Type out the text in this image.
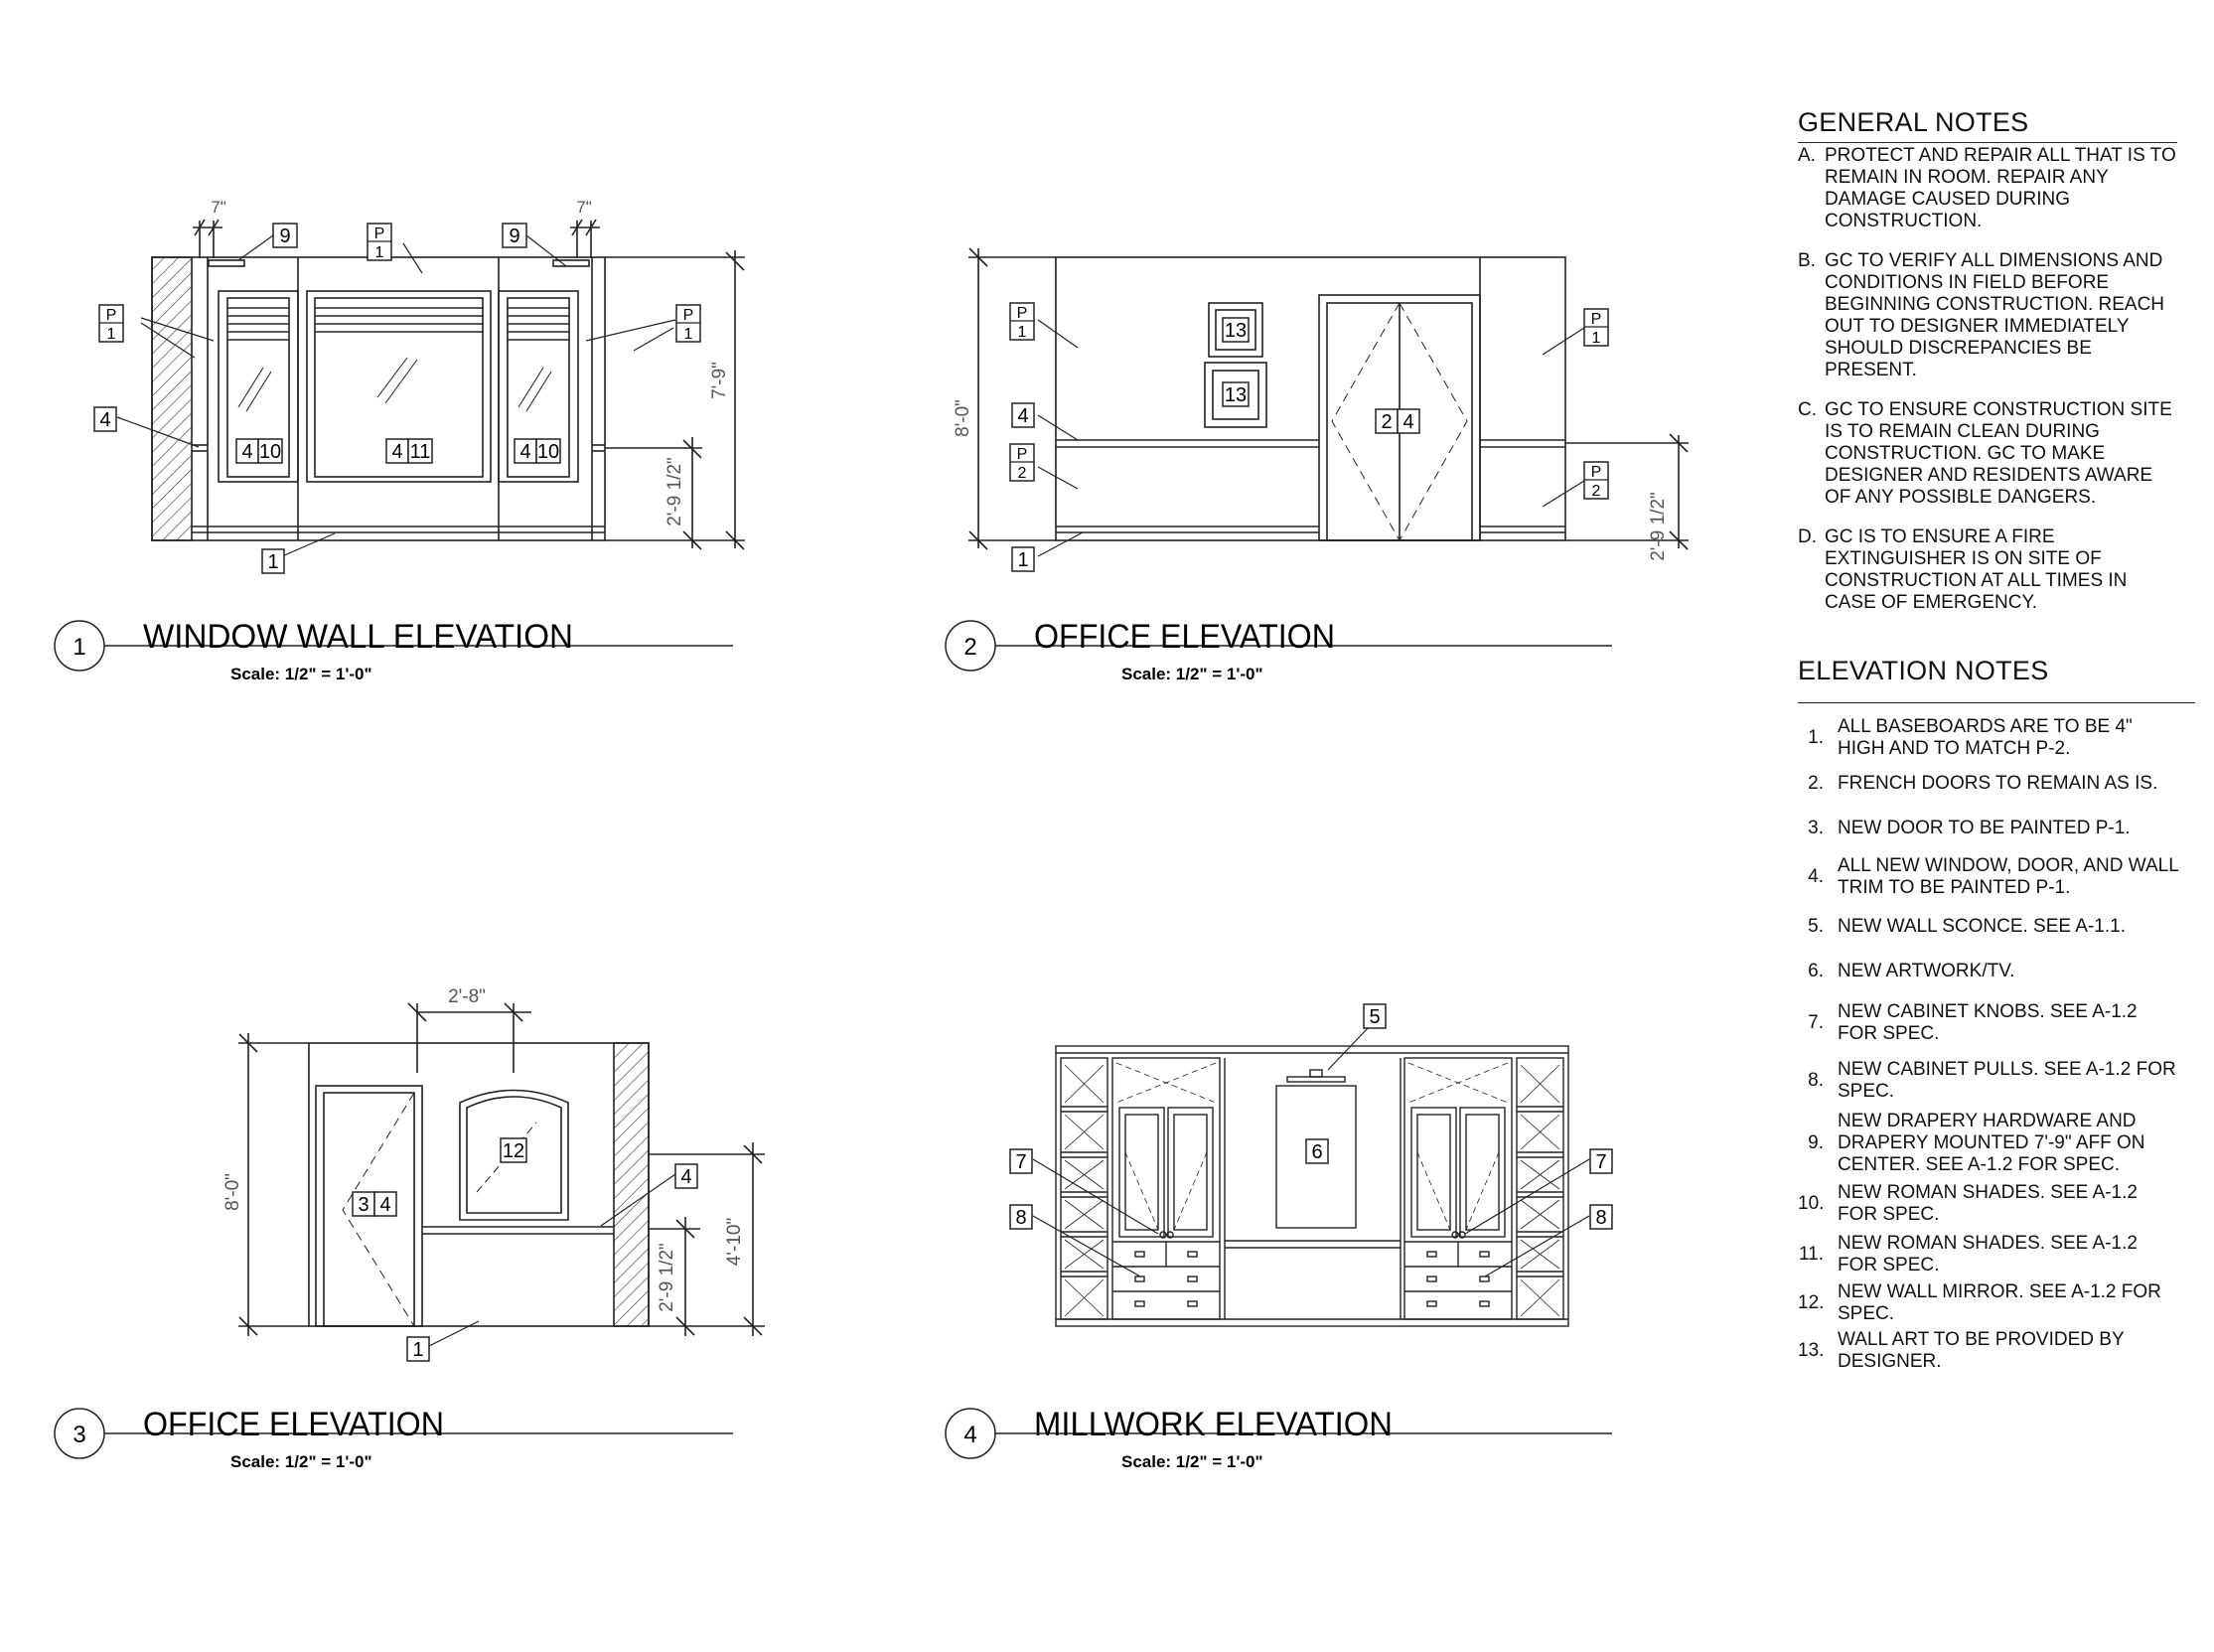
P
1
P
1
P
1
9	9
4
1
4 10	4 11	4 10
7"	7"
7'-9"
2'-9 1/2"
P
1
P
2
P
1
P
2
13
13
2 4
4
1
8'-0"
2'-9 1/2"
3 4
12
4
1
2'-8"
8'-0"
2'-9 1/2"
4'-10"
5
6
7
8
7
8
1 WINDOW WALL ELEVATION
Scale: 1/2" = 1'-0"
2 OFFICE ELEVATION
Scale: 1/2" = 1'-0"
3 OFFICE ELEVATION
Scale: 1/2" = 1'-0"
4 MILLWORK ELEVATION
Scale: 1/2" = 1'-0"
GENERAL NOTES
A. PROTECT AND REPAIR ALL THAT IS TO REMAIN IN ROOM. REPAIR ANY DAMAGE CAUSED DURING CONSTRUCTION.
B. GC TO VERIFY ALL DIMENSIONS AND CONDITIONS IN FIELD BEFORE BEGINNING CONSTRUCTION. REACH OUT TO DESIGNER IMMEDIATELY SHOULD DISCREPANCIES BE PRESENT.
C. GC TO ENSURE CONSTRUCTION SITE IS TO REMAIN CLEAN DURING CONSTRUCTION. GC TO MAKE DESIGNER AND RESIDENTS AWARE OF ANY POSSIBLE DANGERS.
D. GC IS TO ENSURE A FIRE EXTINGUISHER IS ON SITE OF CONSTRUCTION AT ALL TIMES IN CASE OF EMERGENCY.
ELEVATION NOTES
1.
ALL BASEBOARDS ARE TO BE 4" HIGH AND TO MATCH P-2.
2. FRENCH DOORS TO REMAIN AS IS.
3. NEW DOOR TO BE PAINTED P-1.
4.
ALL NEW WINDOW, DOOR, AND WALL TRIM TO BE PAINTED P-1.
5. NEW WALL SCONCE. SEE A-1.1.
6. NEW ARTWORK/TV.
7.
NEW CABINET KNOBS. SEE A-1.2 FOR SPEC.
8.
NEW CABINET PULLS. SEE A-1.2 FOR SPEC.
9.
NEW DRAPERY HARDWARE AND DRAPERY MOUNTED 7'-9" AFF ON CENTER. SEE A-1.2 FOR SPEC.
10.
NEW ROMAN SHADES. SEE A-1.2 FOR SPEC.
11.
NEW ROMAN SHADES. SEE A-1.2 FOR SPEC.
12.
NEW WALL MIRROR. SEE A-1.2 FOR SPEC.
13.
WALL ART TO BE PROVIDED BY DESIGNER.
